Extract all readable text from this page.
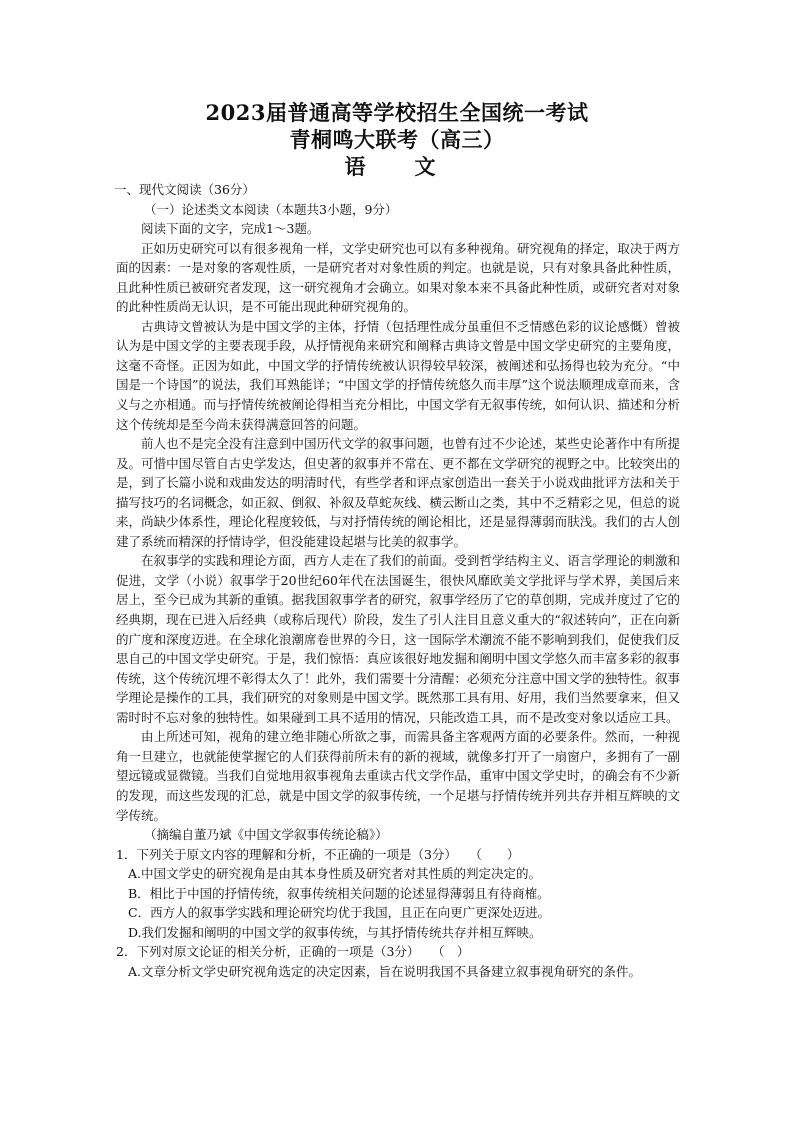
2023届普通高等学校招生全国统一考试
青桐鸣大联考（高三）
语　文

一、现代文阅读（36分）

（一）论述类文本阅读（本题共3小题，9分）

阅读下面的文字，完成1～3题。

正如历史研究可以有很多视角一样，文学史研究也可以有多种视角。研究视角的择定，取决于两方面的因素：一是对象的客观性质，一是研究者对对象性质的判定。也就是说，只有对象具备此种性质，且此种性质已被研究者发现，这一研究视角才会确立。如果对象本来不具备此种性质，或研究者对对象的此种性质尚无认识，是不可能出现此种研究视角的。

古典诗文曾被认为是中国文学的主体，抒情（包括理性成分虽重但不乏情感色彩的议论感慨）曾被认为是中国文学的主要表现手段，从抒情视角来研究和阐释古典诗文曾是中国文学史研究的主要角度，这毫不奇怪。正因为如此，中国文学的抒情传统被认识得较早较深，被阐述和弘扬得也较为充分。“中国是一个诗国”的说法，我们耳熟能详；“中国文学的抒情传统悠久而丰厚”这个说法顺理成章而来，含义与之亦相通。而与抒情传统被阐论得相当充分相比，中国文学有无叙事传统，如何认识、描述和分析这个传统却是至今尚未获得满意回答的问题。

前人也不是完全没有注意到中国历代文学的叙事问题，也曾有过不少论述，某些史论著作中有所提及。可惜中国尽管自古史学发达，但史著的叙事并不常在、更不都在文学研究的视野之中。比较突出的是，到了长篇小说和戏曲发达的明清时代，有些学者和评点家创造出一套关于小说戏曲批评方法和关于描写技巧的名词概念，如正叙、倒叙、补叙及草蛇灰线、横云断山之类，其中不乏精彩之见，但总的说来，尚缺少体系性，理论化程度较低，与对抒情传统的阐论相比，还是显得薄弱而肤浅。我们的古人创建了系统而精深的抒情诗学，但没能建设起堪与比美的叙事学。

在叙事学的实践和理论方面，西方人走在了我们的前面。受到哲学结构主义、语言学理论的刺激和促进，文学（小说）叙事学于20世纪60年代在法国诞生，很快风靡欧美文学批评与学术界，美国后来居上，至今已成为其新的重镇。据我国叙事学者的研究，叙事学经历了它的草创期，完成并度过了它的经典期，现在已进入后经典（或称后现代）阶段，发生了引人注目且意义重大的“叙述转向”，正在向新的广度和深度迈进。在全球化浪潮席卷世界的今日，这一国际学术潮流不能不影响到我们，促使我们反思自己的中国文学史研究。于是，我们惊悟：真应该很好地发掘和阐明中国文学悠久而丰富多彩的叙事传统，这个传统沉埋不彰得太久了！此外，我们需要十分清醒：必须充分注意中国文学的独特性。叙事学理论是操作的工具，我们研究的对象则是中国文学。既然那工具有用、好用，我们当然要拿来，但又需时时不忘对象的独特性。如果碰到工具不适用的情况，只能改造工具，而不是改变对象以适应工具。

由上所述可知，视角的建立绝非随心所欲之事，而需具备主客观两方面的必要条件。然而，一种视角一旦建立，也就能使掌握它的人们获得前所未有的新的视域，就像多打开了一扇窗户，多拥有了一副望远镜或显微镜。当我们自觉地用叙事视角去重读古代文学作品，重审中国文学史时，的确会有不少新的发现，而这些发现的汇总，就是中国文学的叙事传统，一个足堪与抒情传统并列共存并相互辉映的文学传统。

（摘编自董乃斌《中国文学叙事传统论稿》）

1．下列关于原文内容的理解和分析，不正确的一项是（3分）　　（　　）

A.中国文学史的研究视角是由其本身性质及研究者对其性质的判定决定的。

B．相比于中国的抒情传统，叙事传统相关问题的论述显得薄弱且有待商榷。

C．西方人的叙事学实践和理论研究均优于我国，且正在向更广更深处迈进。

D.我们发掘和阐明的中国文学的叙事传统，与其抒情传统共存并相互辉映。

2．下列对原文论证的相关分析，正确的一项是（3分）　　（　）

A.文章分析文学史研究视角选定的决定因素，旨在说明我国不具备建立叙事视角研究的条件。
